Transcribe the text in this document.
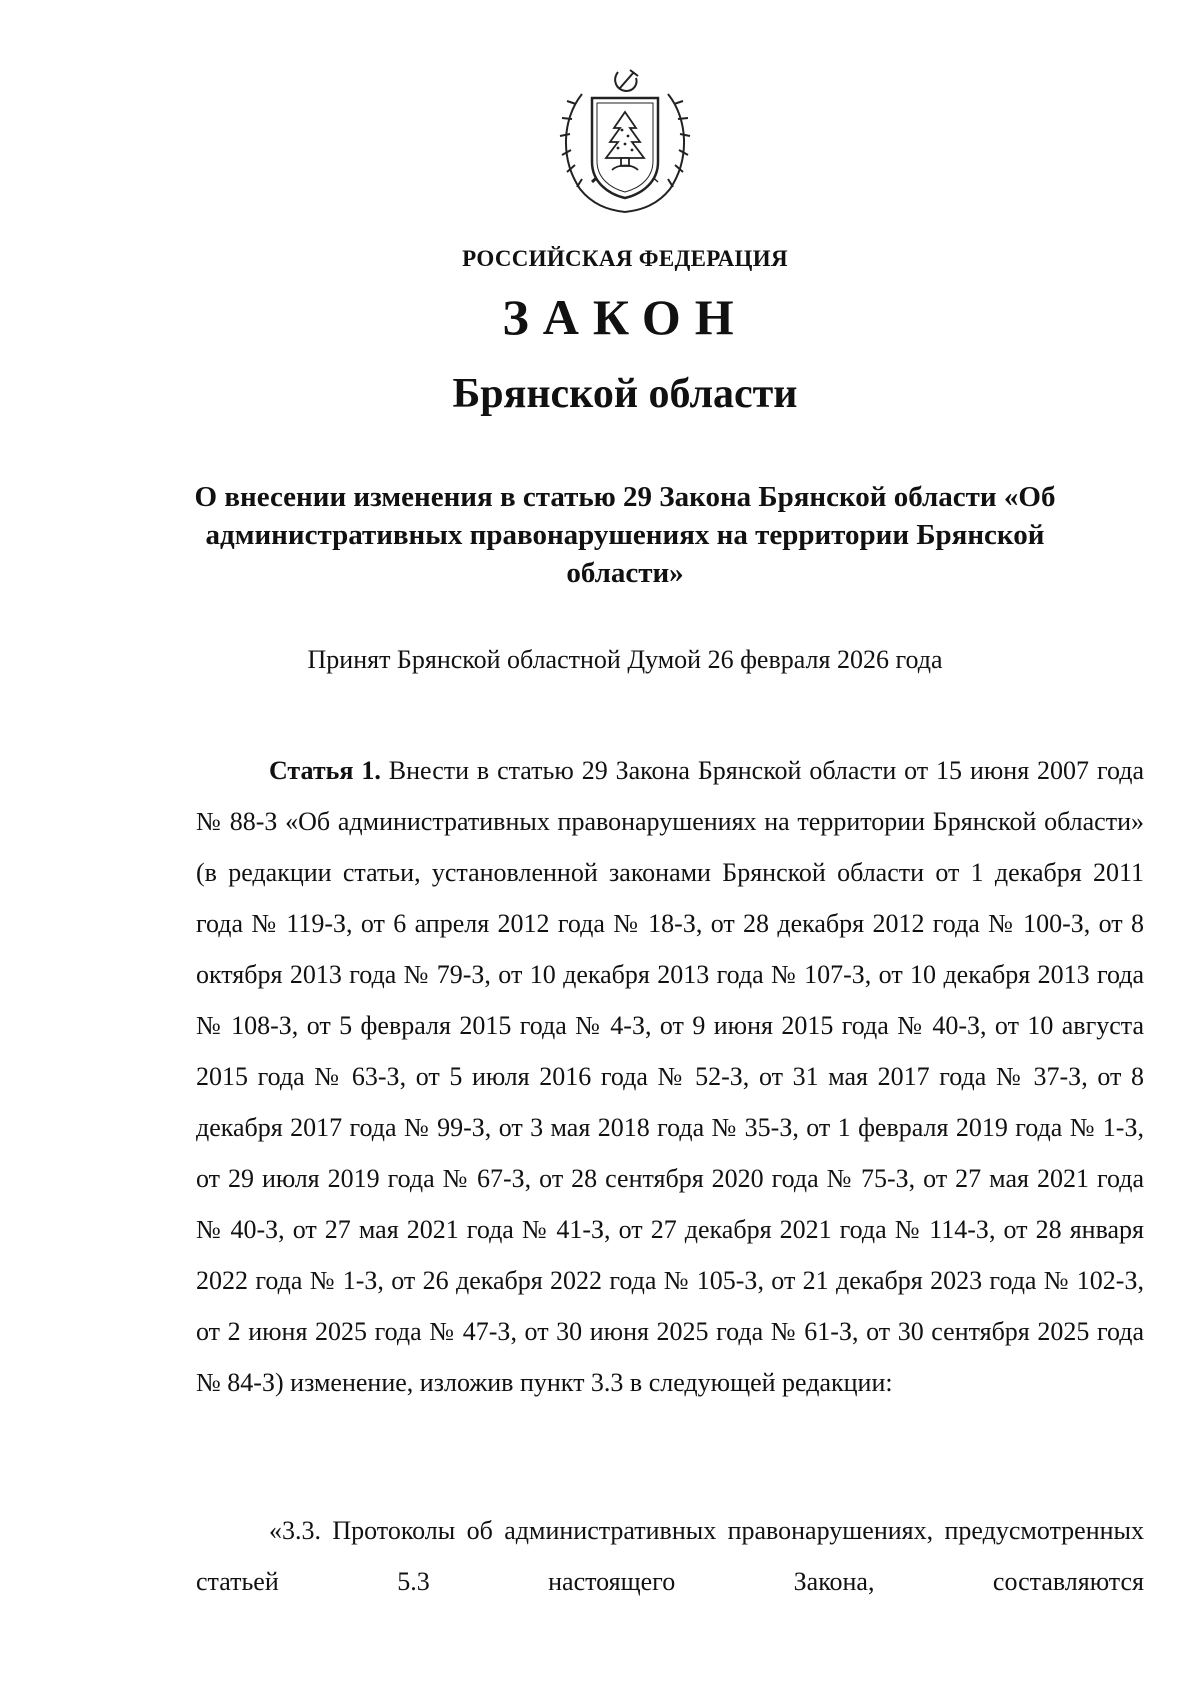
РОССИЙСКАЯ ФЕДЕРАЦИЯ
ЗАКОН
Брянской области
О внесении изменения в статью 29 Закона Брянской области «Об административных правонарушениях на территории Брянской области»
Принят Брянской областной Думой 26 февраля 2026 года

Статья 1. Внести в статью 29 Закона Брянской области от 15 июня 2007 года № 88-З «Об административных правонарушениях на территории Брянской области» (в редакции статьи, установленной законами Брянской области от 1 декабря 2011 года № 119-З, от 6 апреля 2012 года № 18-З, от 28 декабря 2012 года № 100-З, от 8 октября 2013 года № 79-З, от 10 декабря 2013 года № 107-З, от 10 декабря 2013 года № 108-З, от 5 февраля 2015 года № 4-З, от 9 июня 2015 года № 40-З, от 10 августа 2015 года № 63-З, от 5 июля 2016 года № 52-З, от 31 мая 2017 года № 37-З, от 8 декабря 2017 года № 99-З, от 3 мая 2018 года № 35-З, от 1 февраля 2019 года № 1-З, от 29 июля 2019 года № 67-З, от 28 сентября 2020 года № 75-З, от 27 мая 2021 года № 40-З, от 27 мая 2021 года № 41-З, от 27 декабря 2021 года № 114-З, от 28 января 2022 года № 1-З, от 26 декабря 2022 года № 105-З, от 21 декабря 2023 года № 102-З, от 2 июня 2025 года № 47-З, от 30 июня 2025 года № 61-З, от 30 сентября 2025 года № 84-З) изменение, изложив пункт 3.3 в следующей редакции:

«3.3. Протоколы об административных правонарушениях, предусмотренных статьей 5.3 настоящего Закона, составляются
